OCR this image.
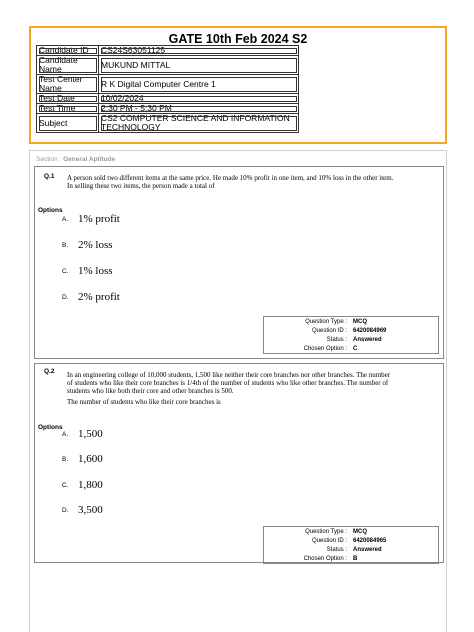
GATE 10th Feb 2024 S2
Candidate ID	CS24S63051125
Candidate Name	MUKUND MITTAL
Test Center Name	R K Digital Computer Centre 1
Test Date	10/02/2024
Test Time	2:30 PM - 5:30 PM
Subject	CS2 COMPUTER SCIENCE AND INFORMATION TECHNOLOGY
Section : General Aptitude
Q.1 A person sold two different items at the same price. He made 10% profit in one item, and 10% loss in the other item. In selling these two items, the person made a total of

Options
A. 1% profit
B. 2% loss
C. 1% loss
D. 2% profit
Question Type : MCQ
Question ID : 6420084969
Status : Answered
Chosen Option : C
Q.2 In an engineering college of 10,000 students, 1,500 like neither their core branches nor other branches. The number of students who like their core branches is 1/4th of the number of students who like other branches. The number of students who like both their core and other branches is 500.

The number of students who like their core branches is

Options
A. 1,500
B. 1,600
C. 1,800
D. 3,500
Question Type : MCQ
Question ID : 6420084965
Status : Answered
Chosen Option : B
